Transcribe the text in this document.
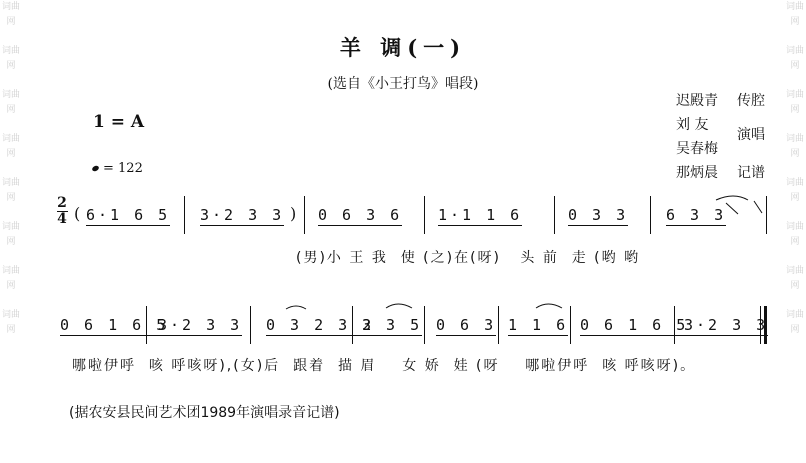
词曲网
词曲网
词曲网
词曲网
词曲网
词曲网
词曲网
词曲网
词曲网
词曲网
词曲网
词曲网
词曲网
词曲网
词曲网
词曲网
羊 调(一)
(选自《小王打鸟》唱段)
迟殿青 传腔
刘 友
演唱
吴春梅
那炳晨 记谱
1 = A
= 122
2
4 ( 6·1 6 5 3·2 3 3 ) 0 6 3 6 1·1 1 6	0 3 3	6 3 3
(男)小 王 我  使 (之)在(呀)   头 前  走 (哟 哟
0 6 1 6 5
3·2 3 3 0 3 2 3 2
3 3 5 0 6 3 1 1 6 0 6 1 6 5
3·2 3 3
哪啦伊呼  咳 呼咳呀),(女)后  跟着  描 眉    女 娇  娃 (呀    哪啦伊呼  咳 呼咳呀)。
(据农安县民间艺术团1989年演唱录音记谱)
